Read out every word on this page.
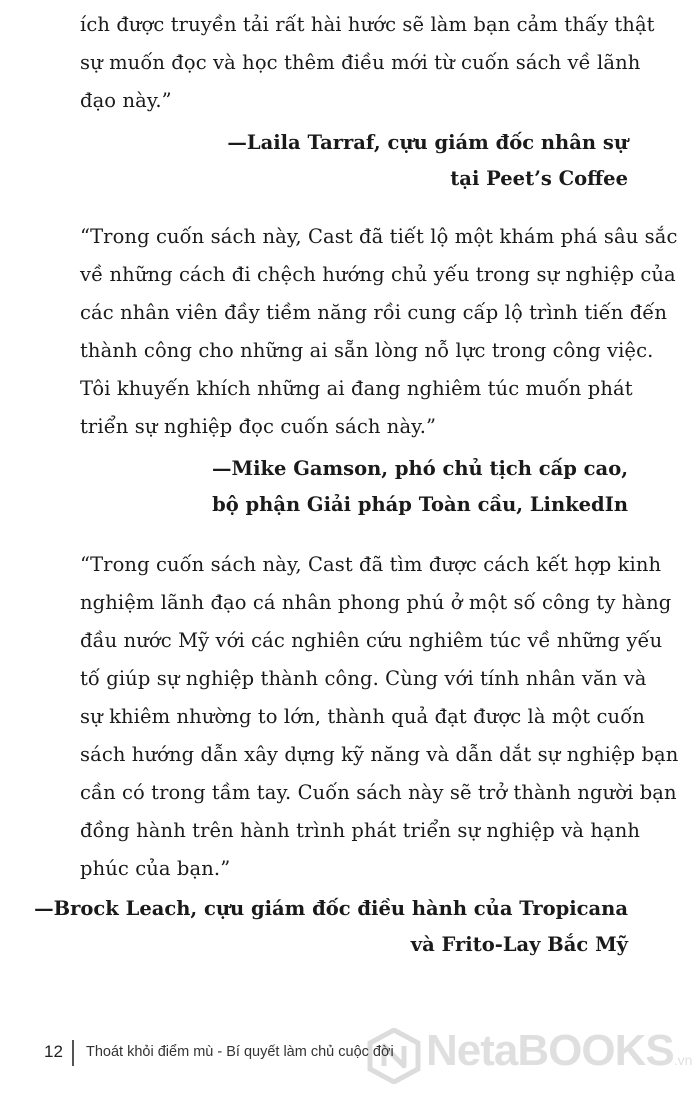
ích được truyền tải rất hài hước sẽ làm bạn cảm thấy thật
sự muốn đọc và học thêm điều mới từ cuốn sách về lãnh
đạo này.”
—Laila Tarraf, cựu giám đốc nhân sự
tại Peet’s Coffee
“Trong cuốn sách này, Cast đã tiết lộ một khám phá sâu sắc
về những cách đi chệch hướng chủ yếu trong sự nghiệp của
các nhân viên đầy tiềm năng rồi cung cấp lộ trình tiến đến
thành công cho những ai sẵn lòng nỗ lực trong công việc.
Tôi khuyến khích những ai đang nghiêm túc muốn phát
triển sự nghiệp đọc cuốn sách này.”
—Mike Gamson, phó chủ tịch cấp cao,
bộ phận Giải pháp Toàn cầu, LinkedIn
“Trong cuốn sách này, Cast đã tìm được cách kết hợp kinh
nghiệm lãnh đạo cá nhân phong phú ở một số công ty hàng
đầu nước Mỹ với các nghiên cứu nghiêm túc về những yếu
tố giúp sự nghiệp thành công. Cùng với tính nhân văn và
sự khiêm nhường to lớn, thành quả đạt được là một cuốn
sách hướng dẫn xây dựng kỹ năng và dẫn dắt sự nghiệp bạn
cần có trong tầm tay. Cuốn sách này sẽ trở thành người bạn
đồng hành trên hành trình phát triển sự nghiệp và hạnh
phúc của bạn.”
—Brock Leach, cựu giám đốc điều hành của Tropicana
và Frito-Lay Bắc Mỹ
12 Thoát khỏi điểm mù - Bí quyết làm chủ cuộc đời NetaBOOKS.vn
